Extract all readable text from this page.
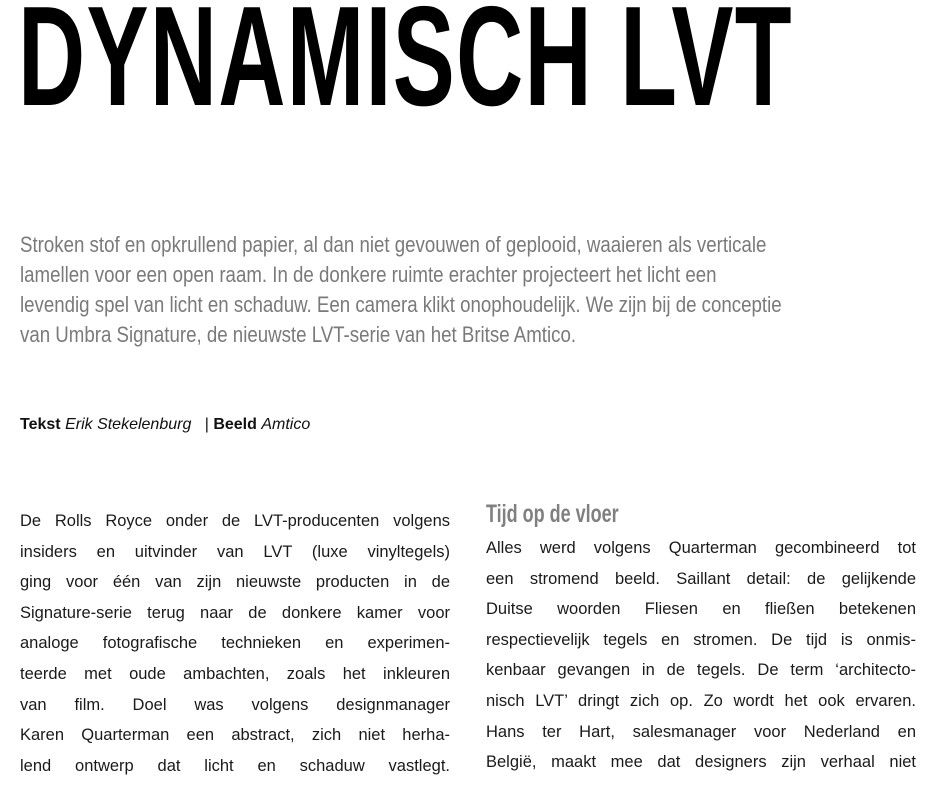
DYNAMISCH LVT
Stroken stof en opkrullend papier, al dan niet gevouwen of geplooid, waaieren als verticale
lamellen voor een open raam. In de donkere ruimte erachter projecteert het licht een
levendig spel van licht en schaduw. Een camera klikt onophoudelijk. We zijn bij de conceptie
van Umbra Signature, de nieuwste LVT-serie van het Britse Amtico.
Tekst Erik Stekelenburg | Beeld Amtico
De Rolls Royce onder de LVT-producenten volgens
insiders en uitvinder van LVT (luxe vinyltegels)
ging voor één van zijn nieuwste producten in de
Signature-serie terug naar de donkere kamer voor
analoge fotografische technieken en experimen-
teerde met oude ambachten, zoals het inkleuren
van film. Doel was volgens designmanager
Karen Quarterman een abstract, zich niet herha-
lend ontwerp dat licht en schaduw vastlegt.
Tijd op de vloer
Alles werd volgens Quarterman gecombineerd tot
een stromend beeld. Saillant detail: de gelijkende
Duitse woorden Fliesen en fließen betekenen
respectievelijk tegels en stromen. De tijd is onmis-
kenbaar gevangen in de tegels. De term ‘architecto-
nisch LVT’ dringt zich op. Zo wordt het ook ervaren.
Hans ter Hart, salesmanager voor Nederland en
België, maakt mee dat designers zijn verhaal niet
